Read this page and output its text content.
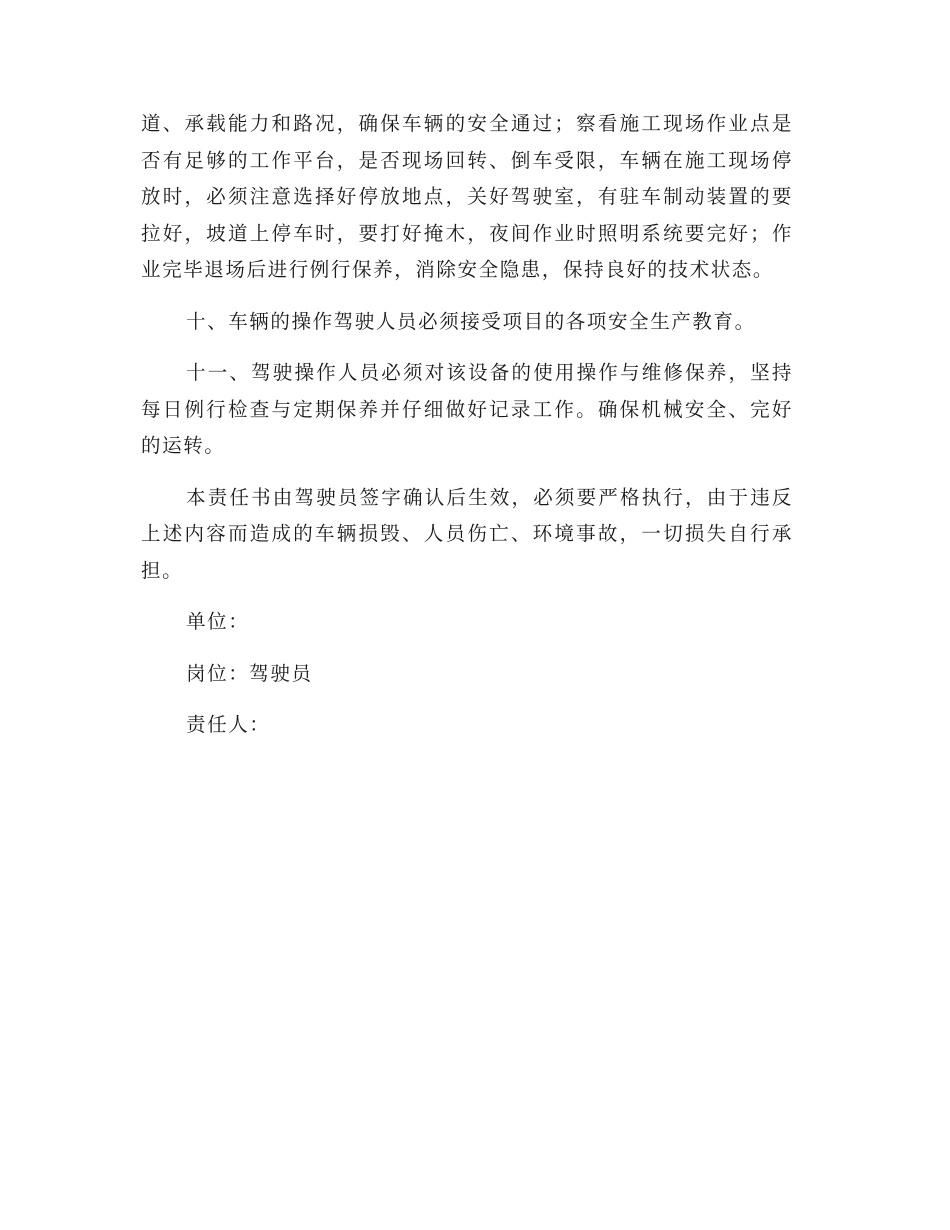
道、承载能力和路况，确保车辆的安全通过；察看施工现场作业点是否有足够的工作平台，是否现场回转、倒车受限，车辆在施工现场停放时，必须注意选择好停放地点，关好驾驶室，有驻车制动装置的要拉好，坡道上停车时，要打好掩木，夜间作业时照明系统要完好；作业完毕退场后进行例行保养，消除安全隐患，保持良好的技术状态。

十、车辆的操作驾驶人员必须接受项目的各项安全生产教育。

十一、驾驶操作人员必须对该设备的使用操作与维修保养，坚持每日例行检查与定期保养并仔细做好记录工作。确保机械安全、完好的运转。

本责任书由驾驶员签字确认后生效，必须要严格执行，由于违反上述内容而造成的车辆损毁、人员伤亡、环境事故，一切损失自行承担。

单位：

岗位：驾驶员

责任人：
